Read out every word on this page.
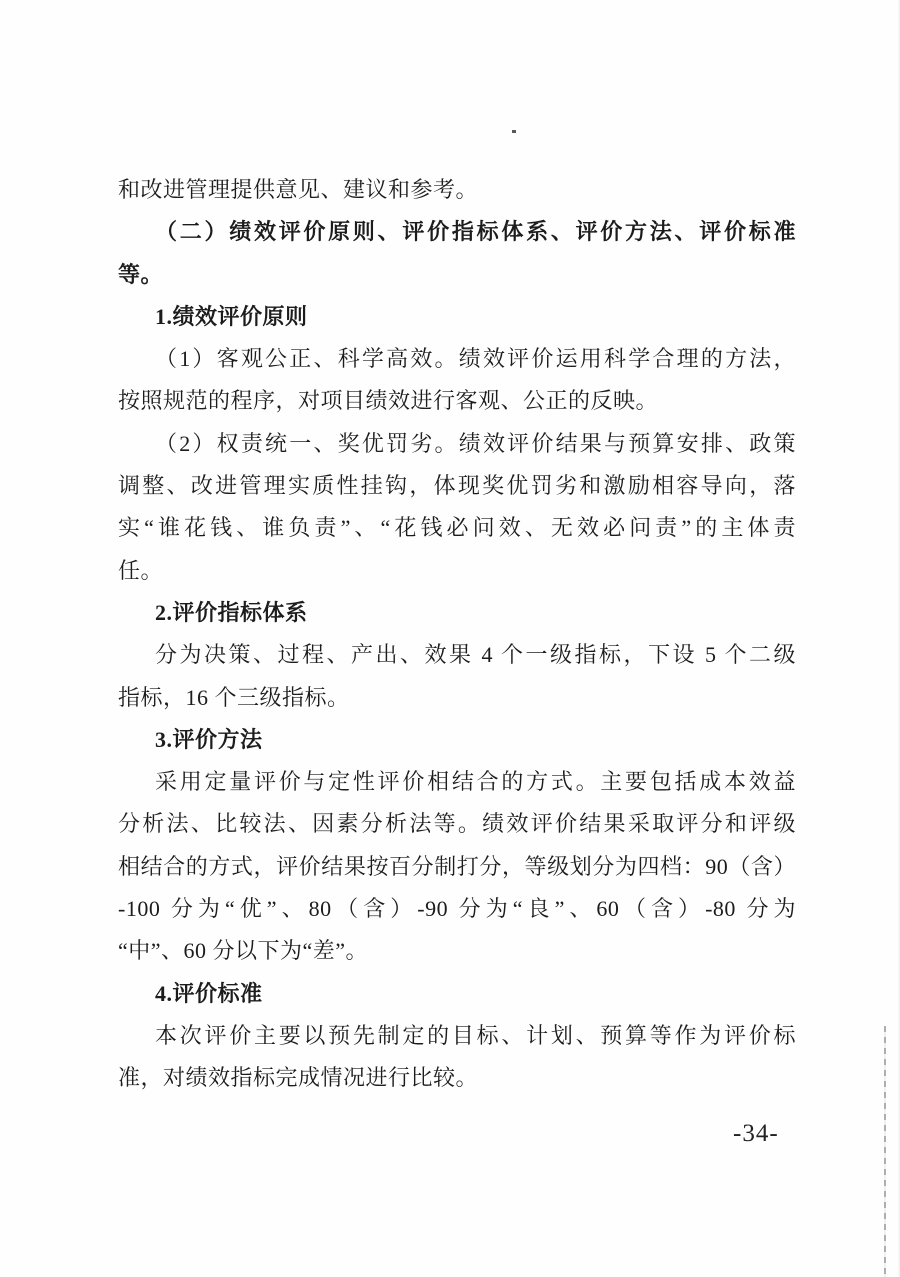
和改进管理提供意见、建议和参考。
（二）绩效评价原则、评价指标体系、评价方法、评价标准
等。
1.绩效评价原则
（1）客观公正、科学高效。绩效评价运用科学合理的方法，
按照规范的程序，对项目绩效进行客观、公正的反映。
（2）权责统一、奖优罚劣。绩效评价结果与预算安排、政策
调整、改进管理实质性挂钩，体现奖优罚劣和激励相容导向，落
实“谁花钱、谁负责”、“花钱必问效、无效必问责”的主体责
任。
2.评价指标体系
分为决策、过程、产出、效果 4 个一级指标，下设 5 个二级
指标，16 个三级指标。
3.评价方法
采用定量评价与定性评价相结合的方式。主要包括成本效益
分析法、比较法、因素分析法等。绩效评价结果采取评分和评级
相结合的方式，评价结果按百分制打分，等级划分为四档：90（含）
-100 分为“优”、80（含）-90 分为“良”、60（含）-80 分为
“中”、60 分以下为“差”。
4.评价标准
本次评价主要以预先制定的目标、计划、预算等作为评价标
准，对绩效指标完成情况进行比较。
-34-
